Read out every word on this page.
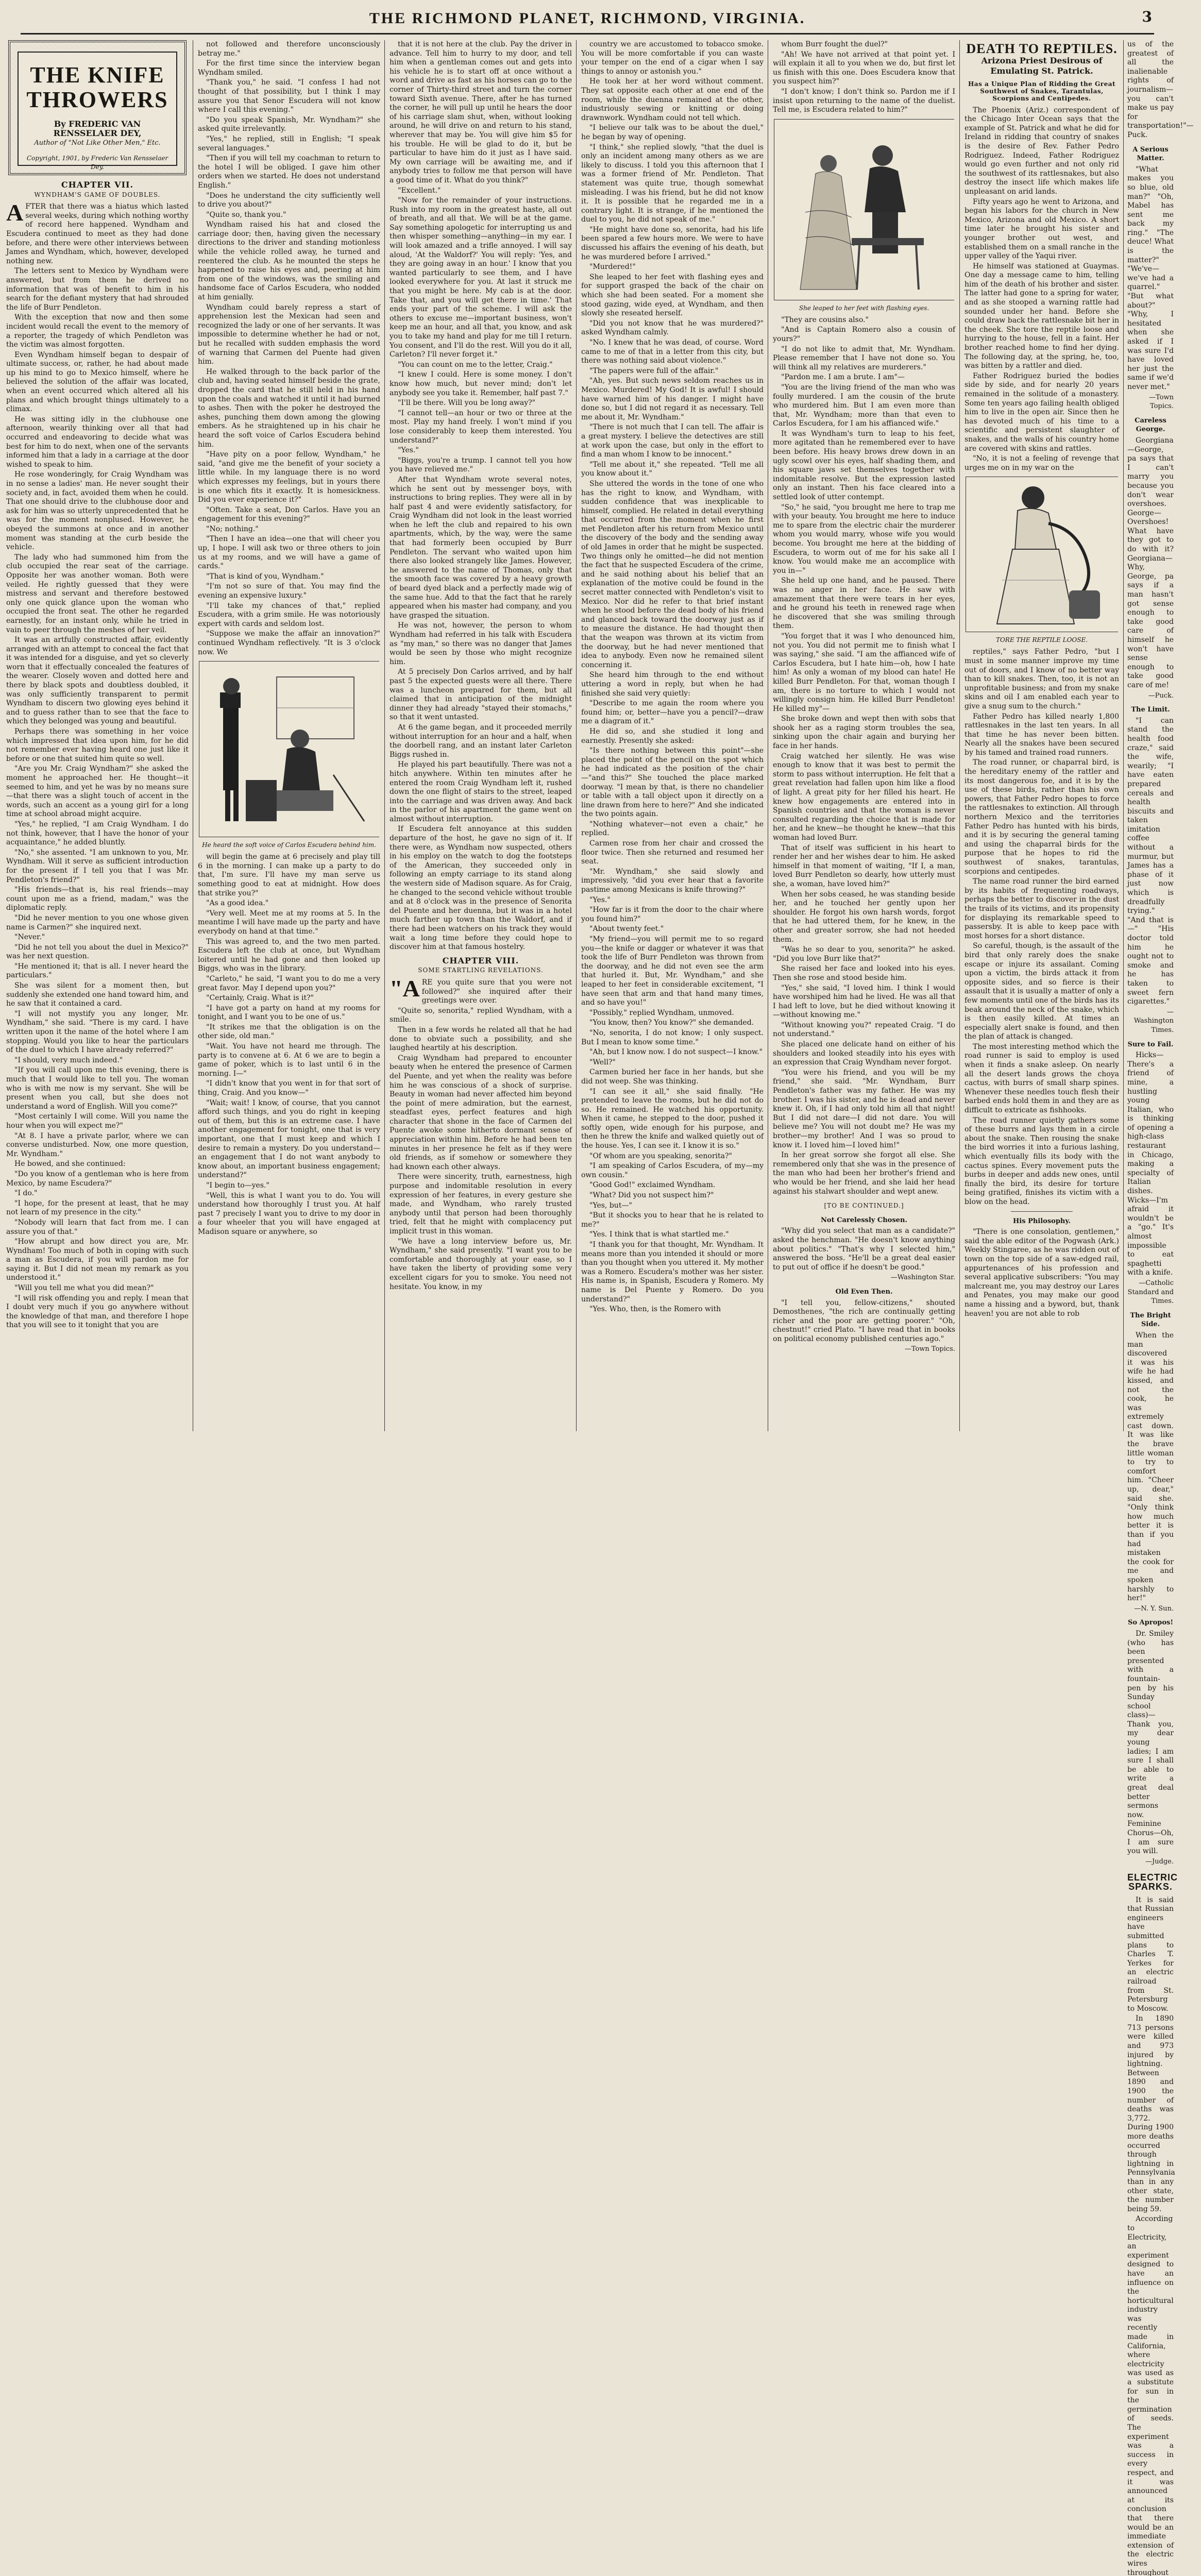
THE RICHMOND PLANET, RICHMOND, VIRGINIA.	3
THE KNIFE
THROWERS
By FREDERIC VAN RENSSELAER DEY,
Author of "Not Like Other Men," Etc.
Copyright, 1901, by Frederic Van Rensselaer Dey.
CHAPTER VII.
WYNDHAM'S GAME OF DOUBLES.

AFTER that there was a hiatus which lasted several weeks, during which nothing worthy of record here happened. Wyndham and Escudera continued to meet as they had done before, and there were other interviews between James and Wyndham, which, however, developed nothing new.

The letters sent to Mexico by Wyndham were answered, but from them he derived no information that was of benefit to him in his search for the defiant mystery that had shrouded the life of Burr Pendleton.

With the exception that now and then some incident would recall the event to the memory of a reporter, the tragedy of which Pendleton was the victim was almost forgotten.

Even Wyndham himself began to despair of ultimate success, or, rather, he had about made up his mind to go to Mexico himself, where he believed the solution of the affair was located, when an event occurred which altered all his plans and which brought things ultimately to a climax.

He was sitting idly in the clubhouse one afternoon, wearily thinking over all that had occurred and endeavoring to decide what was best for him to do next, when one of the servants informed him that a lady in a carriage at the door wished to speak to him.

He rose wonderingly, for Craig Wyndham was in no sense a ladies' man. He never sought their society and, in fact, avoided them when he could. That one should drive to the clubhouse door and ask for him was so utterly unprecedented that he was for the moment nonplused. However, he obeyed the summons at once and in another moment was standing at the curb beside the vehicle.

The lady who had summoned him from the club occupied the rear seat of the carriage. Opposite her was another woman. Both were veiled. He rightly guessed that they were mistress and servant and therefore bestowed only one quick glance upon the woman who occupied the front seat. The other he regarded earnestly, for an instant only, while he tried in vain to peer through the meshes of her veil.

It was an artfully constructed affair, evidently arranged with an attempt to conceal the fact that it was intended for a disguise, and yet so cleverly worn that it effectually concealed the features of the wearer. Closely woven and dotted here and there by black spots and doubtless doubled, it was only sufficiently transparent to permit Wyndham to discern two glowing eyes behind it and to guess rather than to see that the face to which they belonged was young and beautiful.

Perhaps there was something in her voice which impressed that idea upon him, for he did not remember ever having heard one just like it before or one that suited him quite so well.

"Are you Mr. Craig Wyndham?" she asked the moment he approached her. He thought—it seemed to him, and yet he was by no means sure—that there was a slight touch of accent in the words, such an accent as a young girl for a long time at school abroad might acquire.

"Yes," he replied, "I am Craig Wyndham. I do not think, however, that I have the honor of your acquaintance," he added bluntly.

"No," she assented. "I am unknown to you, Mr. Wyndham. Will it serve as sufficient introduction for the present if I tell you that I was Mr. Pendleton's friend?"

"His friends—that is, his real friends—may count upon me as a friend, madam," was the diplomatic reply.

"Did he never mention to you one whose given name is Carmen?" she inquired next.

"Never."

"Did he not tell you about the duel in Mexico?" was her next question.

"He mentioned it; that is all. I never heard the particulars."

She was silent for a moment then, but suddenly she extended one hand toward him, and he saw that it contained a card.

"I will not mystify you any longer, Mr. Wyndham," she said. "There is my card. I have written upon it the name of the hotel where I am stopping. Would you like to hear the particulars of the duel to which I have already referred?"

"I should, very much indeed."

"If you will call upon me this evening, there is much that I would like to tell you. The woman who is with me now is my servant. She will be present when you call, but she does not understand a word of English. Will you come?"

"Most certainly I will come. Will you name the hour when you will expect me?"

"At 8. I have a private parlor, where we can converse undisturbed. Now, one more question, Mr. Wyndham."

He bowed, and she continued:

"Do you know of a gentleman who is here from Mexico, by name Escudera?"

"I do."

"I hope, for the present at least, that he may not learn of my presence in the city."

"Nobody will learn that fact from me. I can assure you of that."

"How abrupt and how direct you are, Mr. Wyndham! Too much of both in coping with such a man as Escudera, if you will pardon me for saying it. But I did not mean my remark as you understood it."

"Will you tell me what you did mean?"

"I will risk offending you and reply. I mean that I doubt very much if you go anywhere without the knowledge of that man, and therefore I hope that you will see to it tonight that you are

not followed and therefore unconsciously betray me."

For the first time since the interview began Wyndham smiled.

"Thank you," he said. "I confess I had not thought of that possibility, but I think I may assure you that Senor Escudera will not know where I call this evening."

"Do you speak Spanish, Mr. Wyndham?" she asked quite irrelevantly.

"Yes," he replied, still in English; "I speak several languages."

"Then if you will tell my coachman to return to the hotel I will be obliged. I gave him other orders when we started. He does not understand English."

"Does he understand the city sufficiently well to drive you about?"

"Quite so, thank you."

Wyndham raised his hat and closed the carriage door; then, having given the necessary directions to the driver and standing motionless while the vehicle rolled away, he turned and reentered the club. As he mounted the steps he happened to raise his eyes and, peering at him from one of the windows, was the smiling and handsome face of Carlos Escudera, who nodded at him genially.

Wyndham could barely repress a start of apprehension lest the Mexican had seen and recognized the lady or one of her servants. It was impossible to determine whether he had or not, but he recalled with sudden emphasis the word of warning that Carmen del Puente had given him.

He walked through to the back parlor of the club and, having seated himself beside the grate, dropped the card that he still held in his hand upon the coals and watched it until it had burned to ashes. Then with the poker he destroyed the ashes, punching them down among the glowing embers. As he straightened up in his chair he heard the soft voice of Carlos Escudera behind him.

"Have pity on a poor fellow, Wyndham," he said, "and give me the benefit of your society a little while. In my language there is no word which expresses my feelings, but in yours there is one which fits it exactly. It is homesickness. Did you ever experience it?"

"Often. Take a seat, Don Carlos. Have you an engagement for this evening?"

"No; nothing."

"Then I have an idea—one that will cheer you up, I hope. I will ask two or three others to join us at my rooms, and we will have a game of cards."

"That is kind of you, Wyndham."

"I'm not so sure of that. You may find the evening an expensive luxury."

"I'll take my chances of that," replied Escudera, with a grim smile. He was notoriously expert with cards and seldom lost.

"Suppose we make the affair an innovation?" continued Wyndham reflectively. "It is 3 o'clock now. We

He heard the soft voice of Carlos Escudera behind him.

will begin the game at 6 precisely and play till 6 in the morning. I can make up a party to do that, I'm sure. I'll have my man serve us something good to eat at midnight. How does that strike you?"

"As a good idea."

"Very well. Meet me at my rooms at 5. In the meantime I will have made up the party and have everybody on hand at that time."

This was agreed to, and the two men parted. Escudera left the club at once, but Wyndham loitered until he had gone and then looked up Biggs, who was in the library.

"Carleto," he said, "I want you to do me a very great favor. May I depend upon you?"

"Certainly, Craig. What is it?"

"I have got a party on hand at my rooms for tonight, and I want you to be one of us."

"It strikes me that the obligation is on the other side, old man."

"Wait. You have not heard me through. The party is to convene at 6. At 6 we are to begin a game of poker, which is to last until 6 in the morning. I—"

"I didn't know that you went in for that sort of thing, Craig. And you know—"

"Wait; wait! I know, of course, that you cannot afford such things, and you do right in keeping out of them, but this is an extreme case. I have another engagement for tonight, one that is very important, one that I must keep and which I desire to remain a mystery. Do you understand—an engagement that I do not want anybody to know about, an important business engagement; understand?"

"I begin to—yes."

"Well, this is what I want you to do. You will understand how thoroughly I trust you. At half past 7 precisely I want you to drive to my door in a four wheeler that you will have engaged at Madison square or anywhere, so

that it is not here at the club. Pay the driver in advance. Tell him to hurry to my door, and tell him when a gentleman comes out and gets into his vehicle he is to start off at once without a word and drive as fast as his horses can go to the corner of Thirty-third street and turn the corner toward Sixth avenue. There, after he has turned the corner, he will pull up until he hears the door of his carriage slam shut, when, without looking around, he will drive on and return to his stand, wherever that may be. You will give him $5 for his trouble. He will be glad to do it, but be particular to have him do it just as I have said. My own carriage will be awaiting me, and if anybody tries to follow me that person will have a good time of it. What do you think?"

"Excellent."

"Now for the remainder of your instructions. Rush into my room in the greatest haste, all out of breath, and all that. We will be at the game. Say something apologetic for interrupting us and then whisper something—anything—in my ear. I will look amazed and a trifle annoyed. I will say aloud, 'At the Waldorf?' You will reply: 'Yes, and they are going away in an hour.' I know that you wanted particularly to see them, and I have looked everywhere for you. At last it struck me that you might be here. My cab is at the door. Take that, and you will get there in time.' That ends your part of the scheme. I will ask the others to excuse me—important business, won't keep me an hour, and all that, you know, and ask you to take my hand and play for me till I return. You consent, and I'll do the rest. Will you do it all, Carleton? I'll never forget it."

"You can count on me to the letter, Craig."

"I knew I could. Here is some money. I don't know how much, but never mind; don't let anybody see you take it. Remember, half past 7."

"I'll be there. Will you be long away?"

"I cannot tell—an hour or two or three at the most. Play my hand freely. I won't mind if you lose considerably to keep them interested. You understand?"

"Yes."

"Biggs, you're a trump. I cannot tell you how you have relieved me."

After that Wyndham wrote several notes, which he sent out by messenger boys, with instructions to bring replies. They were all in by half past 4 and were evidently satisfactory, for Craig Wyndham did not look in the least worried when he left the club and repaired to his own apartments, which, by the way, were the same that had formerly been occupied by Burr Pendleton. The servant who waited upon him there also looked strangely like James. However, he answered to the name of Thomas, only that the smooth face was covered by a heavy growth of beard dyed black and a perfectly made wig of the same hue. Add to that the fact that he rarely appeared when his master had company, and you have grasped the situation.

He was not, however, the person to whom Wyndham had referred in his talk with Escudera as "my man," so there was no danger that James would be seen by those who might recognize him.

At 5 precisely Don Carlos arrived, and by half past 5 the expected guests were all there. There was a luncheon prepared for them, but all claimed that in anticipation of the midnight dinner they had already "stayed their stomachs," so that it went untasted.

At 6 the game began, and it proceeded merrily without interruption for an hour and a half, when the doorbell rang, and an instant later Carleton Biggs rushed in.

He played his part beautifully. There was not a hitch anywhere. Within ten minutes after he entered the room Craig Wyndham left it, rushed down the one flight of stairs to the street, leaped into the carriage and was driven away. And back in the parlor of his apartment the game went on almost without interruption.

If Escudera felt annoyance at this sudden departure of the host, he gave no sign of it. If there were, as Wyndham now suspected, others in his employ on the watch to dog the footsteps of the American, they succeeded only in following an empty carriage to its stand along the western side of Madison square. As for Craig, he changed to the second vehicle without trouble and at 8 o'clock was in the presence of Senorita del Puente and her duenna, but it was in a hotel much farther up town than the Waldorf, and if there had been watchers on his track they would wait a long time before they could hope to discover him at that famous hostelry.

CHAPTER VIII.
SOME STARTLING REVELATIONS.

"ARE you quite sure that you were not followed?" she inquired after their greetings were over.

"Quite so, senorita," replied Wyndham, with a smile.

Then in a few words he related all that he had done to obviate such a possibility, and she laughed heartily at his description.

Craig Wyndham had prepared to encounter beauty when he entered the presence of Carmen del Puente, and yet when the reality was before him he was conscious of a shock of surprise. Beauty in woman had never affected him beyond the point of mere admiration, but the earnest, steadfast eyes, perfect features and high character that shone in the face of Carmen del Puente awoke some hitherto dormant sense of appreciation within him. Before he had been ten minutes in her presence he felt as if they were old friends, as if somehow or somewhere they had known each other always.

There were sincerity, truth, earnestness, high purpose and indomitable resolution in every expression of her features, in every gesture she made, and Wyndham, who rarely trusted anybody until that person had been thoroughly tried, felt that he might with complacency put implicit trust in this woman.

"We have a long interview before us, Mr. Wyndham," she said presently. "I want you to be comfortable and thoroughly at your ease, so I have taken the liberty of providing some very excellent cigars for you to smoke. You need not hesitate. You know, in my

country we are accustomed to tobacco smoke. You will be more comfortable if you can waste your temper on the end of a cigar when I say things to annoy or astonish you."

He took her at her word without comment. They sat opposite each other at one end of the room, while the duenna remained at the other, industriously sewing or knitting or doing drawnwork. Wyndham could not tell which.

"I believe our talk was to be about the duel," he began by way of opening.

"I think," she replied slowly, "that the duel is only an incident among many others as we are likely to discuss. I told you this afternoon that I was a former friend of Mr. Pendleton. That statement was quite true, though somewhat misleading. I was his friend, but he did not know it. It is possible that he regarded me in a contrary light. It is strange, if he mentioned the duel to you, he did not speak of me."

"He might have done so, senorita, had his life been spared a few hours more. We were to have discussed his affairs the evening of his death, but he was murdered before I arrived."

"Murdered!"

She leaped to her feet with flashing eyes and for support grasped the back of the chair on which she had been seated. For a moment she stood gazing, wide eyed, at Wyndham, and then slowly she reseated herself.

"Did you not know that he was murdered?" asked Wyndham calmly.

"No. I knew that he was dead, of course. Word came to me of that in a letter from this city, but there was nothing said about violence."

"The papers were full of the affair."

"Ah, yes. But such news seldom reaches us in Mexico. Murdered! My God! It is awful! I should have warned him of his danger. I might have done so, but I did not regard it as necessary. Tell me about it, Mr. Wyndham."

"There is not much that I can tell. The affair is a great mystery. I believe the detectives are still at work upon the case, but only in the effort to find a man whom I know to be innocent."

"Tell me about it," she repeated. "Tell me all you know about it."

She uttered the words in the tone of one who has the right to know, and Wyndham, with sudden confidence that was inexplicable to himself, complied. He related in detail everything that occurred from the moment when he first met Pendleton after his return from Mexico until the discovery of the body and the sending away of old James in order that he might be suspected. Two things only he omitted—he did not mention the fact that he suspected Escudera of the crime, and he said nothing about his belief that an explanation of the motive could be found in the secret matter connected with Pendleton's visit to Mexico. Nor did he refer to that brief instant when he stood before the dead body of his friend and glanced back toward the doorway just as if to measure the distance. He had thought then that the weapon was thrown at its victim from the doorway, but he had never mentioned that idea to anybody. Even now he remained silent concerning it.

She heard him through to the end without uttering a word in reply, but when he had finished she said very quietly:

"Describe to me again the room where you found him; or, better—have you a pencil?—draw me a diagram of it."

He did so, and she studied it long and earnestly. Presently she asked:

"Is there nothing between this point"—she placed the point of the pencil on the spot which he had indicated as the position of the chair—"and this?" She touched the place marked doorway. "I mean by that, is there no chandelier or table with a tall object upon it directly on a line drawn from here to here?" And she indicated the two points again.

"Nothing whatever—not even a chair," he replied.

Carmen rose from her chair and crossed the floor twice. Then she returned and resumed her seat.

"Mr. Wyndham," she said slowly and impressively, "did you ever hear that a favorite pastime among Mexicans is knife throwing?"

"Yes."

"How far is it from the door to the chair where you found him?"

"About twenty feet."

"My friend—you will permit me to so regard you—the knife or dagger or whatever it was that took the life of Burr Pendleton was thrown from the doorway, and he did not even see the arm that hurled it. But, Mr. Wyndham," and she leaped to her feet in considerable excitement, "I have seen that arm and that hand many times, and so have you!"

"Possibly," replied Wyndham, unmoved.

"You know, then? You know?" she demanded.

"No, senorita, I do not know; I only suspect. But I mean to know some time."

"Ah, but I know now. I do not suspect—I know."

"Well?"

Carmen buried her face in her hands, but she did not weep. She was thinking.

"I can see it all," she said finally. "He pretended to leave the rooms, but he did not do so. He remained. He watched his opportunity. When it came, he stepped to the door, pushed it softly open, wide enough for his purpose, and then he threw the knife and walked quietly out of the house. Yes, I can see it. I know it is so."

"Of whom are you speaking, senorita?"

"I am speaking of Carlos Escudera, of my—my own cousin."

"Good God!" exclaimed Wyndham.

"What? Did you not suspect him?"

"Yes, but—"

"But it shocks you to hear that he is related to me?"

"Yes. I think that is what startled me."

"I thank you for that thought, Mr. Wyndham. It means more than you intended it should or more than you thought when you uttered it. My mother was a Romero. Escudera's mother was her sister. His name is, in Spanish, Escudera y Romero. My name is Del Puente y Romero. Do you understand?"

"Yes. Who, then, is the Romero with

whom Burr fought the duel?"

"Ah! We have not arrived at that point yet. I will explain it all to you when we do, but first let us finish with this one. Does Escudera know that you suspect him?"

"I don't know; I don't think so. Pardon me if I insist upon returning to the name of the duelist. Tell me, is Escudera related to him?"

She leaped to her feet with flashing eyes.

"They are cousins also."

"And is Captain Romero also a cousin of yours?"

"I do not like to admit that, Mr. Wyndham. Please remember that I have not done so. You will think all my relatives are murderers."

"Pardon me. I am a brute. I am"—

"You are the living friend of the man who was foully murdered. I am the cousin of the brute who murdered him. But I am even more than that, Mr. Wyndham; more than that even to Carlos Escudera, for I am his affianced wife."

It was Wyndham's turn to leap to his feet, more agitated than he remembered ever to have been before. His heavy brows drew down in an ugly scowl over his eyes, half shading them, and his square jaws set themselves together with indomitable resolve. But the expression lasted only an instant. Then his face cleared into a settled look of utter contempt.

"So," he said, "you brought me here to trap me with your beauty. You brought me here to induce me to spare from the electric chair the murderer whom you would marry, whose wife you would become. You brought me here at the bidding of Escudera, to worm out of me for his sake all I know. You would make me an accomplice with you in—"

She held up one hand, and he paused. There was no anger in her face. He saw with amazement that there were tears in her eyes, and he ground his teeth in renewed rage when he discovered that she was smiling through them.

"You forget that it was I who denounced him, not you. You did not permit me to finish what I was saying," she said. "I am the affianced wife of Carlos Escudera, but I hate him—oh, how I hate him! As only a woman of my blood can hate! He killed Burr Pendleton. For that, woman though I am, there is no torture to which I would not willingly consign him. He killed Burr Pendleton! He killed my"—

She broke down and wept then with sobs that shook her as a raging storm troubles the sea, sinking upon the chair again and burying her face in her hands.

Craig watched her silently. He was wise enough to know that it was best to permit the storm to pass without interruption. He felt that a great revelation had fallen upon him like a flood of light. A great pity for her filled his heart. He knew how engagements are entered into in Spanish countries and that the woman is never consulted regarding the choice that is made for her, and he knew—he thought he knew—that this woman had loved Burr.

That of itself was sufficient in his heart to render her and her wishes dear to him. He asked himself in that moment of waiting, "If I, a man, loved Burr Pendleton so dearly, how utterly must she, a woman, have loved him?"

When her sobs ceased, he was standing beside her, and he touched her gently upon her shoulder. He forgot his own harsh words, forgot that he had uttered them, for he knew, in the other and greater sorrow, she had not heeded them.

"Was he so dear to you, senorita?" he asked. "Did you love Burr like that?"

She raised her face and looked into his eyes. Then she rose and stood beside him.

"Yes," she said, "I loved him. I think I would have worshiped him had he lived. He was all that I had left to love, but he died without knowing it—without knowing me."

"Without knowing you?" repeated Craig. "I do not understand."

She placed one delicate hand on either of his shoulders and looked steadily into his eyes with an expression that Craig Wyndham never forgot.

"You were his friend, and you will be my friend," she said. "Mr. Wyndham, Burr Pendleton's father was my father. He was my brother. I was his sister, and he is dead and never knew it. Oh, if I had only told him all that night! But I did not dare—I did not dare. You will believe me? You will not doubt me? He was my brother—my brother! And I was so proud to know it. I loved him—I loved him!"

In her great sorrow she forgot all else. She remembered only that she was in the presence of the man who had been her brother's friend and who would be her friend, and she laid her head against his stalwart shoulder and wept anew.

[TO BE CONTINUED.]
Not Carelessly Chosen.

"Why did you select that man as a candidate?" asked the henchman. "He doesn't know anything about politics." "That's why I selected him," answered the boss. "He'll be a great deal easier to put out of office if he doesn't be good."

—Washington Star.
Old Even Then.

"I tell you, fellow-citizens," shouted Demosthenes, "the rich are continually getting richer and the poor are getting poorer." "Oh, chestnut!" cried Plato. "I have read that in books on political economy published centuries ago."

—Town Topics.
DEATH TO REPTILES.
Arizona Priest Desirous of Emulating St. Patrick.
Has a Unique Plan of Ridding the Great Southwest of Snakes, Tarantulas, Scorpions and Centipedes.

The Phoenix (Ariz.) correspondent of the Chicago Inter Ocean says that the example of St. Patrick and what he did for Ireland in ridding that country of snakes is the desire of Rev. Father Pedro Rodriguez. Indeed, Father Rodriguez would go even further and not only rid the southwest of its rattlesnakes, but also destroy the insect life which makes life unpleasant on arid lands.

Fifty years ago he went to Arizona, and began his labors for the church in New Mexico, Arizona and old Mexico. A short time later he brought his sister and younger brother out west, and established them on a small ranche in the upper valley of the Yaqui river.

He himself was stationed at Guaymas. One day a message came to him, telling him of the death of his brother and sister. The latter had gone to a spring for water, and as she stooped a warning rattle had sounded under her hand. Before she could draw back the rattlesnake bit her in the cheek. She tore the reptile loose and hurrying to the house, fell in a faint. Her brother reached home to find her dying. The following day, at the spring, he, too, was bitten by a rattler and died.

Father Rodriguez buried the bodies side by side, and for nearly 20 years remained in the solitude of a monastery. Some ten years ago failing health obliged him to live in the open air. Since then he has devoted much of his time to a scientific and persistent slaughter of snakes, and the walls of his country home are covered with skins and rattles.

"No, it is not a feeling of revenge that urges me on in my war on the

TORE THE REPTILE LOOSE.

reptiles," says Father Pedro, "but I must in some manner improve my time out of doors, and I know of no better way than to kill snakes. Then, too, it is not an unprofitable business; and from my snake skins and oil I am enabled each year to give a snug sum to the church."

Father Pedro has killed nearly 1,800 rattlesnakes in the last ten years. In all that time he has never been bitten. Nearly all the snakes have been secured by his tamed and trained road runners.

The road runner, or chaparral bird, is the hereditary enemy of the rattler and its most dangerous foe, and it is by the use of these birds, rather than his own powers, that Father Pedro hopes to force the rattlesnakes to extinction. All through northern Mexico and the territories Father Pedro has hunted with his birds, and it is by securing the general taming and using the chaparral birds for the purpose that he hopes to rid the southwest of snakes, tarantulas, scorpions and centipedes.

The name road runner the bird earned by its habits of frequenting roadways, perhaps the better to discover in the dust the trails of its victims, and its propensity for displaying its remarkable speed to passersby. It is able to keep pace with most horses for a short distance.

So careful, though, is the assault of the bird that only rarely does the snake escape or injure its assailant. Coming upon a victim, the birds attack it from opposite sides, and so fierce is their assault that it is usually a matter of only a few moments until one of the birds has its beak around the neck of the snake, which is then easily killed. At times an especially alert snake is found, and then the plan of attack is changed.

The most interesting method which the road runner is said to employ is used when it finds a snake asleep. On nearly all the desert lands grows the choya cactus, with burrs of small sharp spines. Whenever these needles touch flesh their barbed ends hold them in and they are as difficult to extricate as fishhooks.

The road runner quietly gathers some of these burrs and lays them in a circle about the snake. Then rousing the snake the bird worries it into a furious lashing, which eventually fills its body with the cactus spines. Every movement puts the burbs in deeper and adds new ones, until finally the bird, its desire for torture being gratified, finishes its victim with a blow on the head.

His Philosophy.

"There is one consolation, gentlemen," said the able editor of the Pogwash (Ark.) Weekly Stingaree, as he was ridden out of town on the top side of a saw-edged rail, appurtenances of his profession and several applicative subscribers: "You may malcreant me, you may destroy our Lares and Penates, you may make our good name a hissing and a byword, but, thank heaven! you are not able to rob

us of the greatest of all the inalienable rights of journalism—you can't make us pay for transportation!"—Puck.

A Serious Matter.

"What makes you so blue, old man?" "Oh, Mabel has sent me back my ring." "The deuce! What is the matter?" "We've—we've had a quarrel." "But what about?" "Why, I hesitated when she asked if I was sure I'd have loved her just the same if we'd never met."

—Town Topics.
Careless George.

Georgiana—George, pa says that I can't marry you because you don't wear overshoes. George—Overshoes! What have they got to do with it? Georgiana—Why, George, pa says if a man hasn't got sense enough to take good care of himself he won't have sense enough to take good care of me!

—Puck.
The Limit.

"I can stand the health food craze," said the wife, wearily; "I have eaten prepared cereals and health biscuits and taken imitation coffee without a murmur, but James has a phase of it just now which is dreadfully trying." "And that is—" "His doctor told him he ought not to smoke and he has taken to sweet fern cigarettes."

—Washington Times.
Sure to Fail.

Hicks—There's a friend of mine, a hustling young Italian, who is thinking of opening a high-class restaurant in Chicago, making a specialty of Italian dishes. Wicks—I'm afraid it wouldn't be a "go." It's almost impossible to eat spaghetti with a knife.

—Catholic Standard and Times.
The Bright Side.

When the man discovered it was his wife he had kissed, and not the cook, he was extremely cast down. It was like the brave little woman to try to comfort him. "Cheer up, dear," said she. "Only think how much better it is than if you had mistaken the cook for me and spoken harshly to her!"

—N. Y. Sun.
So Apropos!

Dr. Smiley (who has been presented with a fountain-pen by his Sunday school class)—Thank you, my dear young ladies; I am sure I shall be able to write a great deal better sermons now. Feminine Chorus—Oh, I am sure you will.

—Judge.
ELECTRIC SPARKS.

It is said that Russian engineers have submitted plans to Charles T. Yerkes for an electric railroad from St. Petersburg to Moscow.

In 1890 713 persons were killed and 973 injured by lightning. Between 1890 and 1900 the number of deaths was 3,772. During 1900 more deaths occurred through lightning in Pennsylvania than in any other state, the number being 59.

According to Electricity, an experiment designed to have an influence on the horticultural industry was recently made in California, where electricity was used as a substitute for sun in the germination of seeds. The experiment was a success in every respect, and it was announced at its conclusion that there would be an immediate extension of the electric wires throughout
